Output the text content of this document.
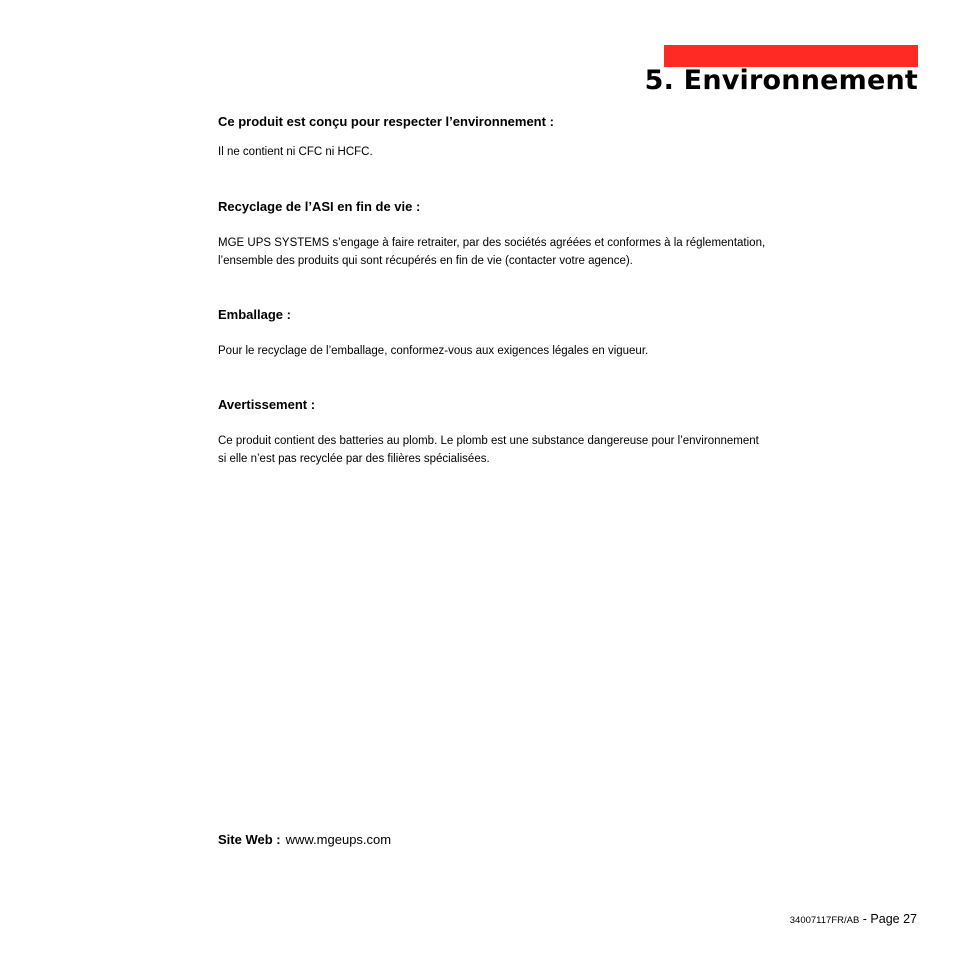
5. Environnement
Ce produit est conçu pour respecter l’environnement :

Il ne contient ni CFC ni HCFC.

Recyclage de l’ASI en fin de vie :

MGE UPS SYSTEMS s’engage à faire retraiter, par des sociétés agréées et conformes à la réglementation,

l’ensemble des produits qui sont récupérés en fin de vie (contacter votre agence).

Emballage :

Pour le recyclage de l’emballage, conformez-vous aux exigences légales en vigueur.

Avertissement :

Ce produit contient des batteries au plomb. Le plomb est une substance dangereuse pour l’environnement

si elle n’est pas recyclée par des filières spécialisées.

Site Web : www.mgeups.com
34007117FR/AB - Page 27
